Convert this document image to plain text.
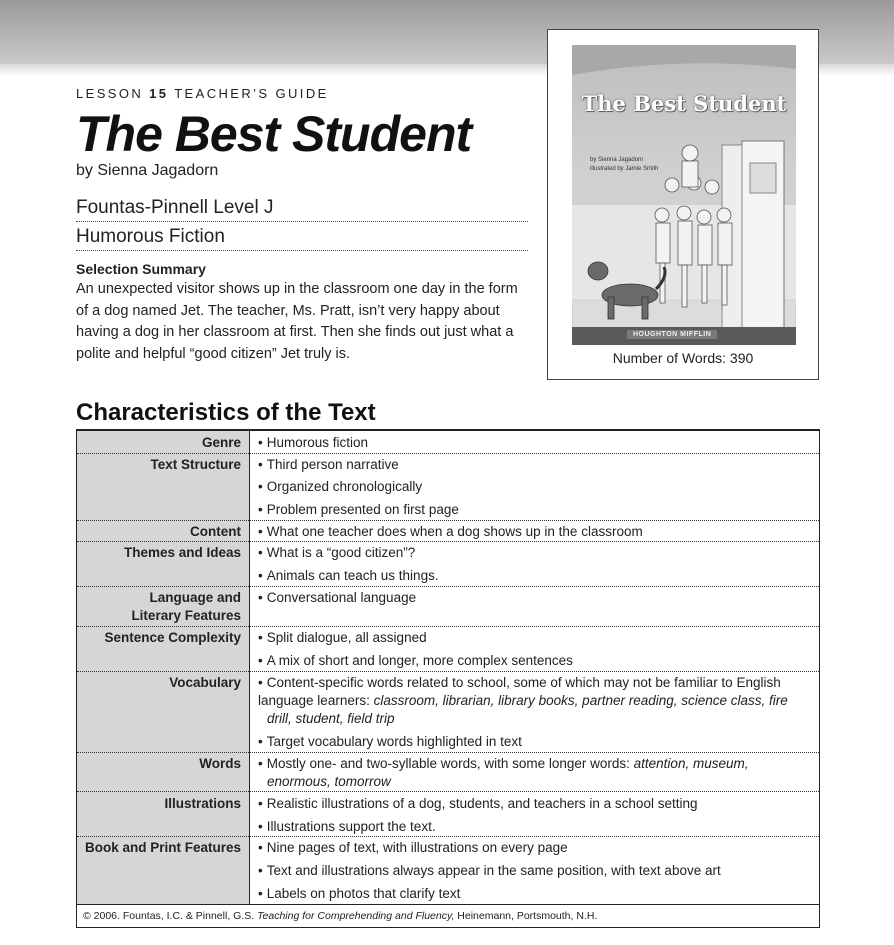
LESSON 15 TEACHER’S GUIDE
The Best Student
by Sienna Jagadorn
Fountas-Pinnell Level J
Humorous Fiction
Selection Summary
An unexpected visitor shows up in the classroom one day in the form of a dog named Jet. The teacher, Ms. Pratt, isn’t very happy about having a dog in her classroom at first. Then she finds out just what a polite and helpful “good citizen” Jet truly is.
The Best Student
by Sienna Jagadorn
illustrated by Jamie Smith
HOUGHTON MIFFLIN
Number of Words: 390
Characteristics of the Text
Genre • Humorous fiction
Text Structure • Third person narrative
• Organized chronologically
• Problem presented on first page
Content • What one teacher does when a dog shows up in the classroom
Themes and Ideas • What is a “good citizen”?
• Animals can teach us things.
Language and
Literary Features
• Conversational language
Sentence Complexity • Split dialogue, all assigned
• A mix of short and longer, more complex sentences
Vocabulary • Content-specific words related to school, some of which may not be familiar to English language learners: classroom, librarian, library books, partner reading, science class, fire
drill, student, field trip
• Target vocabulary words highlighted in text
Words • Mostly one- and two-syllable words, with some longer words: attention, museum,
enormous, tomorrow
Illustrations • Realistic illustrations of a dog, students, and teachers in a school setting
• Illustrations support the text.
Book and Print Features • Nine pages of text, with illustrations on every page
• Text and illustrations always appear in the same position, with text above art
• Labels on photos that clarify text
© 2006. Fountas, I.C. & Pinnell, G.S. Teaching for Comprehending and Fluency, Heinemann, Portsmouth, N.H.
